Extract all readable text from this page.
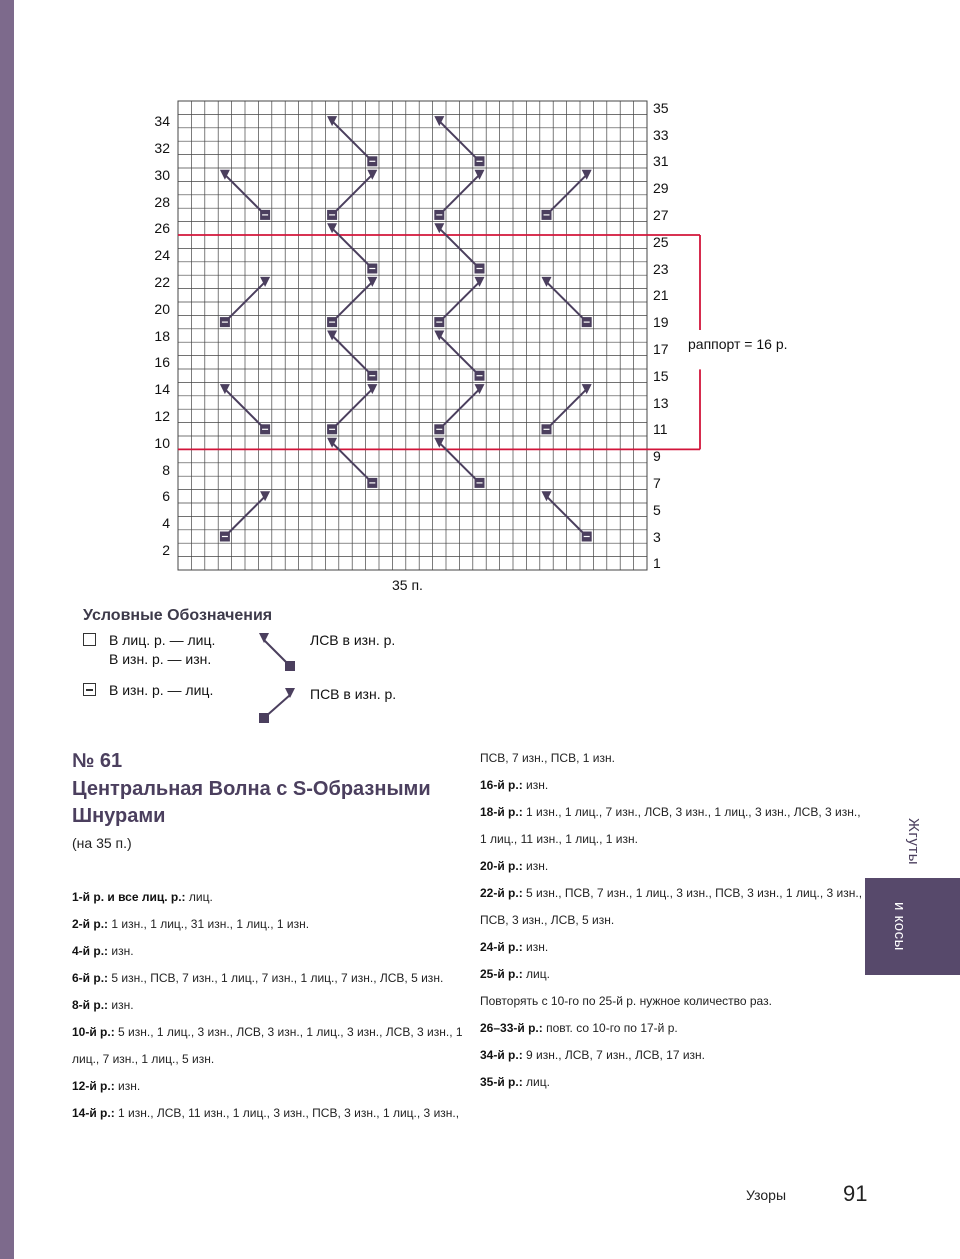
34
32
30
28
26
24
22
20
18
16
14
12
10
8
6
4
2
35
33
31
29
27
25
23
21
19
17
15
13
11
9
7
5
3
1
раппорт = 16 р.
35 п.
Условные Обозначения
В лиц. р. — лиц.
В изн. р. — изн.
В изн. р. — лиц.
ЛСВ в изн. р.
ПСВ в изн. р.
№ 61
Центральная Волна с S-Образными Шнурами
(на 35 п.)

1-й р. и все лиц. р.: лиц.

2-й р.: 1 изн., 1 лиц., 31 изн., 1 лиц., 1 изн.

4-й р.: изн.

6-й р.: 5 изн., ПСВ, 7 изн., 1 лиц., 7 изн., 1 лиц., 7 изн., ЛСВ, 5 изн.

8-й р.: изн.

10-й р.: 5 изн., 1 лиц., 3 изн., ЛСВ, 3 изн., 1 лиц., 3 изн., ЛСВ, 3 изн., 1 лиц., 7 изн., 1 лиц., 5 изн.

12-й р.: изн.

14-й р.: 1 изн., ЛСВ, 11 изн., 1 лиц., 3 изн., ПСВ, 3 изн., 1 лиц., 3 изн.,

ПСВ, 7 изн., ПСВ, 1 изн.

16-й р.: изн.

18-й р.: 1 изн., 1 лиц., 7 изн., ЛСВ, 3 изн., 1 лиц., 3 изн., ЛСВ, 3 изн., 1 лиц., 11 изн., 1 лиц., 1 изн.

20-й р.: изн.

22-й р.: 5 изн., ПСВ, 7 изн., 1 лиц., 3 изн., ПСВ, 3 изн., 1 лиц., 3 изн., ПСВ, 3 изн., ЛСВ, 5 изн.

24-й р.: изн.

25-й р.: лиц.

Повторять с 10-го по 25-й р. нужное количество раз.

26–33-й р.: повт. со 10-го по 17-й р.

34-й р.: 9 изн., ЛСВ, 7 изн., ЛСВ, 17 изн.

35-й р.: лиц.

Жгуты
и косы
Узоры	91
